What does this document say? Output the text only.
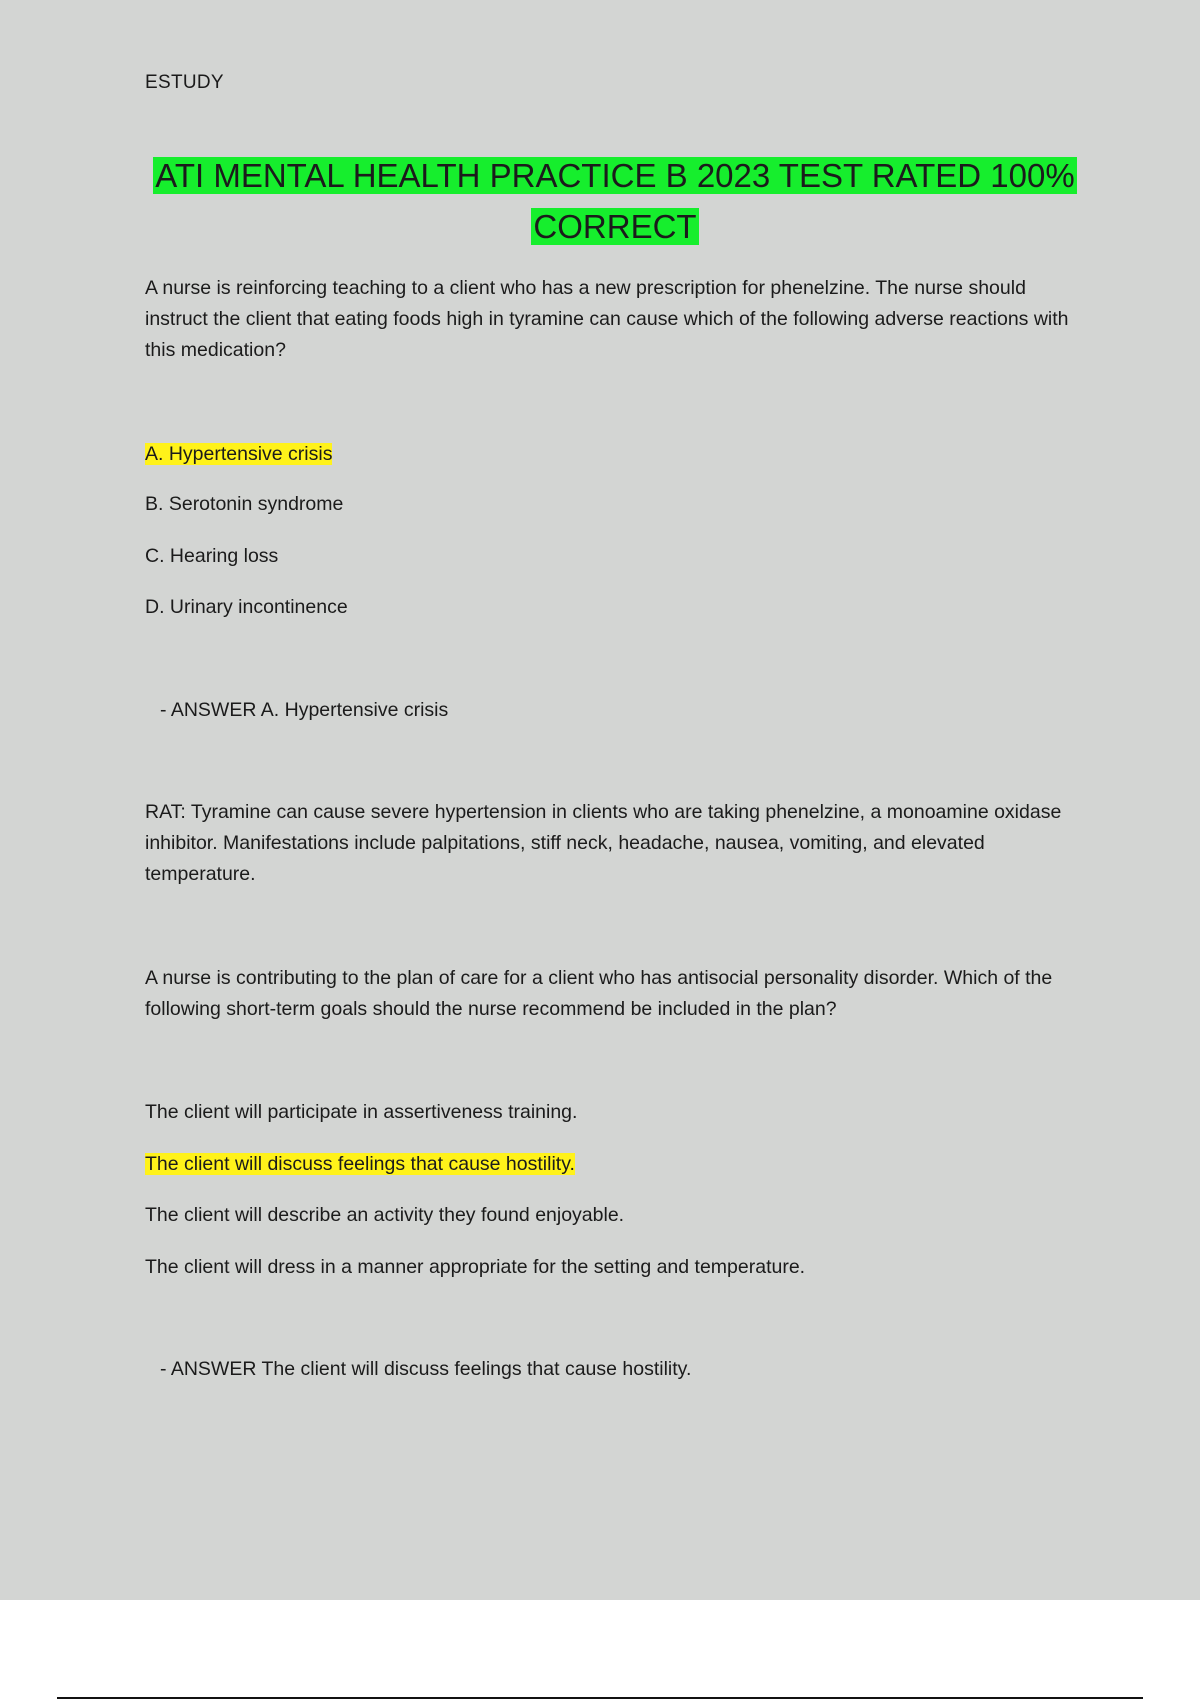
ESTUDY
ATI MENTAL HEALTH PRACTICE B 2023 TEST RATED 100% CORRECT
A nurse is reinforcing teaching to a client who has a new prescription for phenelzine. The nurse should instruct the client that eating foods high in tyramine can cause which of the following adverse reactions with this medication?
A. Hypertensive crisis
B. Serotonin syndrome
C. Hearing loss
D. Urinary incontinence
- ANSWER A. Hypertensive crisis
RAT: Tyramine can cause severe hypertension in clients who are taking phenelzine, a monoamine oxidase inhibitor. Manifestations include palpitations, stiff neck, headache, nausea, vomiting, and elevated temperature.
A nurse is contributing to the plan of care for a client who has antisocial personality disorder. Which of the following short-term goals should the nurse recommend be included in the plan?
The client will participate in assertiveness training.
The client will discuss feelings that cause hostility.
The client will describe an activity they found enjoyable.
The client will dress in a manner appropriate for the setting and temperature.
- ANSWER The client will discuss feelings that cause hostility.
